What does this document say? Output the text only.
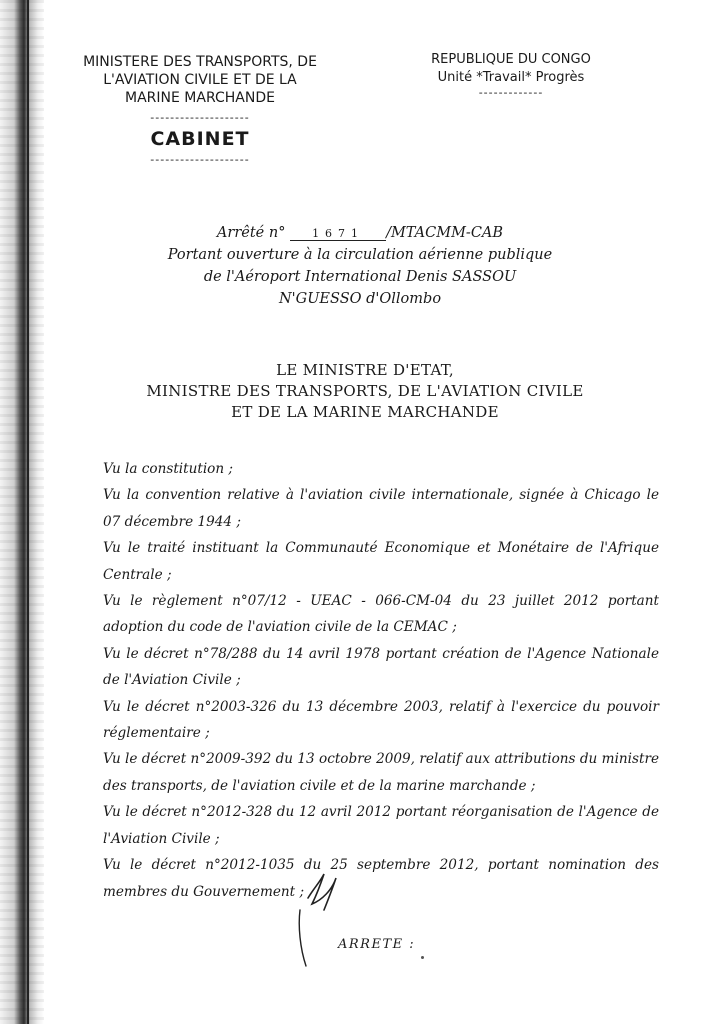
MINISTERE DES TRANSPORTS, DE
L'AVIATION CIVILE ET DE LA
MARINE MARCHANDE
--------------------
CABINET
--------------------
REPUBLIQUE DU CONGO
Unité *Travail* Progrès
-------------
Arrêté n° 1671 /MTACMM-CAB
Portant ouverture à la circulation aérienne publique
de l'Aéroport International Denis SASSOU
N'GUESSO d'Ollombo
LE MINISTRE D'ETAT,
MINISTRE DES TRANSPORTS, DE L'AVIATION CIVILE
ET DE LA MARINE MARCHANDE
Vu la constitution ;
Vu la convention relative à l'aviation civile internationale, signée à Chicago le 07 décembre 1944 ;
Vu le traité instituant la Communauté Economique et Monétaire de l'Afrique Centrale ;
Vu le règlement n°07/12 - UEAC - 066-CM-04 du 23 juillet 2012 portant adoption du code de l'aviation civile de la CEMAC ;
Vu le décret n°78/288 du 14 avril 1978 portant création de l'Agence Nationale de l'Aviation Civile ;
Vu le décret n°2003-326 du 13 décembre 2003, relatif à l'exercice du pouvoir réglementaire ;
Vu le décret n°2009-392 du 13 octobre 2009, relatif aux attributions du ministre des transports, de l'aviation civile et de la marine marchande ;
Vu le décret n°2012-328 du 12 avril 2012 portant réorganisation de l'Agence de l'Aviation Civile ;
Vu le décret n°2012-1035 du 25 septembre 2012, portant nomination des membres du Gouvernement ;
ARRETE :
